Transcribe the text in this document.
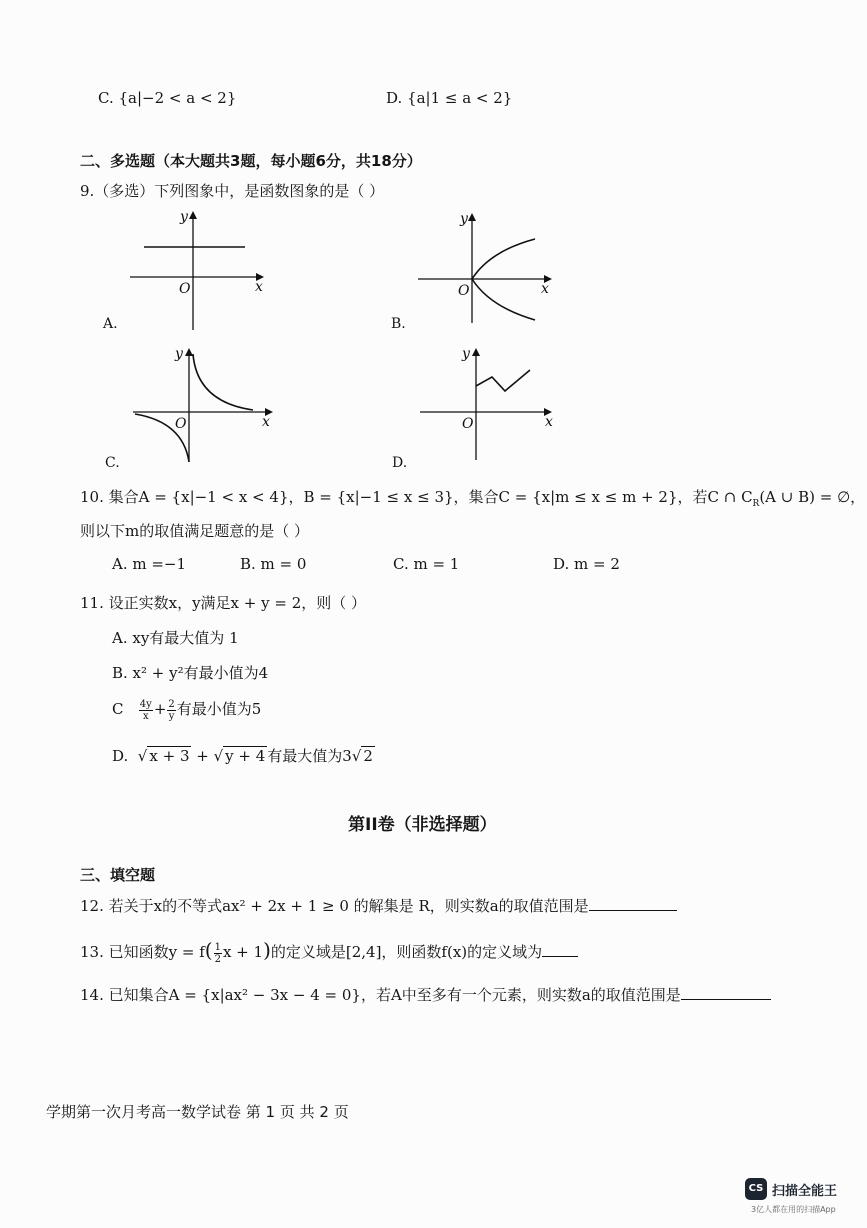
C. {a|−2 < a < 2}	D. {a|1 ≤ a < 2}
二、多选题（本大题共3题，每小题6分，共18分）
9.（多选）下列图象中，是函数图象的是（ ）
y
x
O
A.
y
x
O
B.
y
x
O
C.
y
x
O
D.
10. 集合A = {x|−1 < x < 4}，B = {x|−1 ≤ x ≤ 3}，集合C = {x|m ≤ x ≤ m + 2}，若C ∩ $C_R(A$ ∪ B) = ∅，
则以下m的取值满足题意的是（ ）
A. m =−1	B. m = 0	C. m = 1	D. m = 2
11. 设正实数x，y满足x + y = 2，则（ ）
A. xy有最大值为 1
B. x² + y²有最小值为4
C $\frac{4y}{x} + \frac{2}{y}$ 有最小值为5
D.  √ x + 3 + √ y + 4 有最大值为3√ 2
第II卷（非选择题）
三、填空题
12. 若关于x的不等式ax² + 2x + 1 ≥ 0 的解集是 R，则实数a的取值范围是
13. 已知函数$y = f( \frac{1}{2}$ x + 1)的定义域是[2,4]，则函数f(x)的定义域为
14. 已知集合A = {x|ax² − 3x − 4 = 0}，若A中至多有一个元素，则实数a的取值范围是
学期第一次月考高一数学试卷 第 1 页 共 2 页
CS 扫描全能王
3亿人都在用的扫描App
